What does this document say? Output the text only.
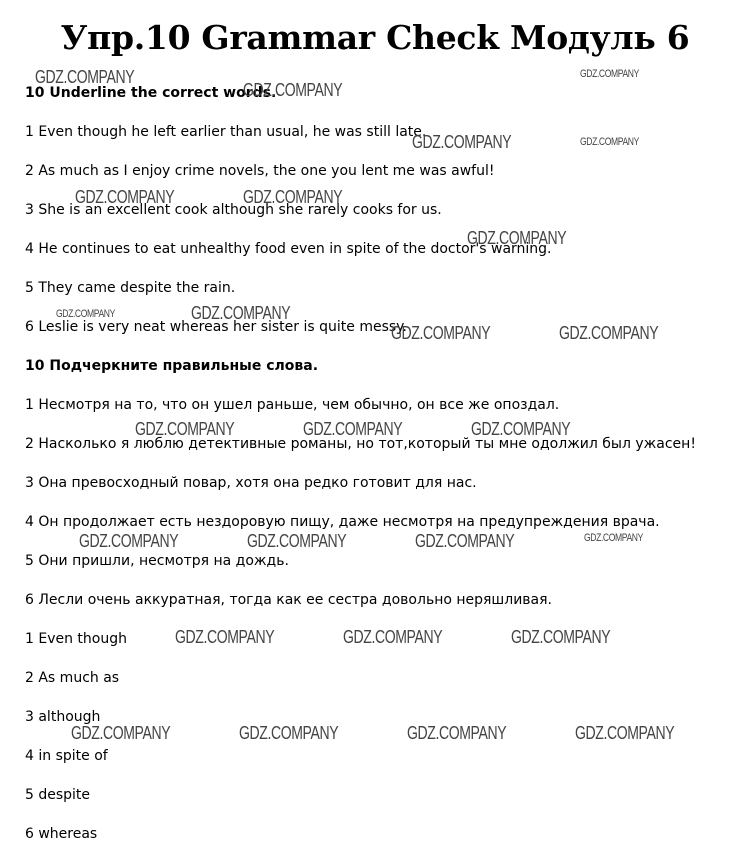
Упр.10 Grammar Check Модуль 6

10 Underline the correct words.

1 Even though he left earlier than usual, he was still late.

2 As much as I enjoy crime novels, the one you lent me was awful!

3 She is an excellent cook although she rarely cooks for us.

4 He continues to eat unhealthy food even in spite of the doctor's warning.

5 They came despite the rain.

6 Leslie is very neat whereas her sister is quite messy.

10 Подчеркните правильные слова.

1 Несмотря на то, что он ушел раньше, чем обычно, он все же опоздал.

2 Насколько я люблю детективные романы, но тот,который ты мне одолжил был ужасен!

3 Она превосходный повар, хотя она редко готовит для нас.

4 Он продолжает есть нездоровую пищу, даже несмотря на предупреждения врача.

5 Они пришли, несмотря на дождь.

6 Лесли очень аккуратная, тогда как ее сестра довольно неряшливая.

1 Even though

2 As much as

3 although

4 in spite of

5 despite

6 whereas

GDZ.COMPANY
GDZ.COMPANY
GDZ.COMPANY
GDZ.COMPANY	GDZ.COMPANY
GDZ.COMPANY	GDZ.COMPANY
GDZ.COMPANY
GDZ.COMPANY	GDZ.COMPANY
GDZ.COMPANY	GDZ.COMPANY
GDZ.COMPANY	GDZ.COMPANY	GDZ.COMPANY
GDZ.COMPANY	GDZ.COMPANY	GDZ.COMPANY	GDZ.COMPANY
GDZ.COMPANY	GDZ.COMPANY	GDZ.COMPANY
GDZ.COMPANY	GDZ.COMPANY	GDZ.COMPANY	GDZ.COMPANY
